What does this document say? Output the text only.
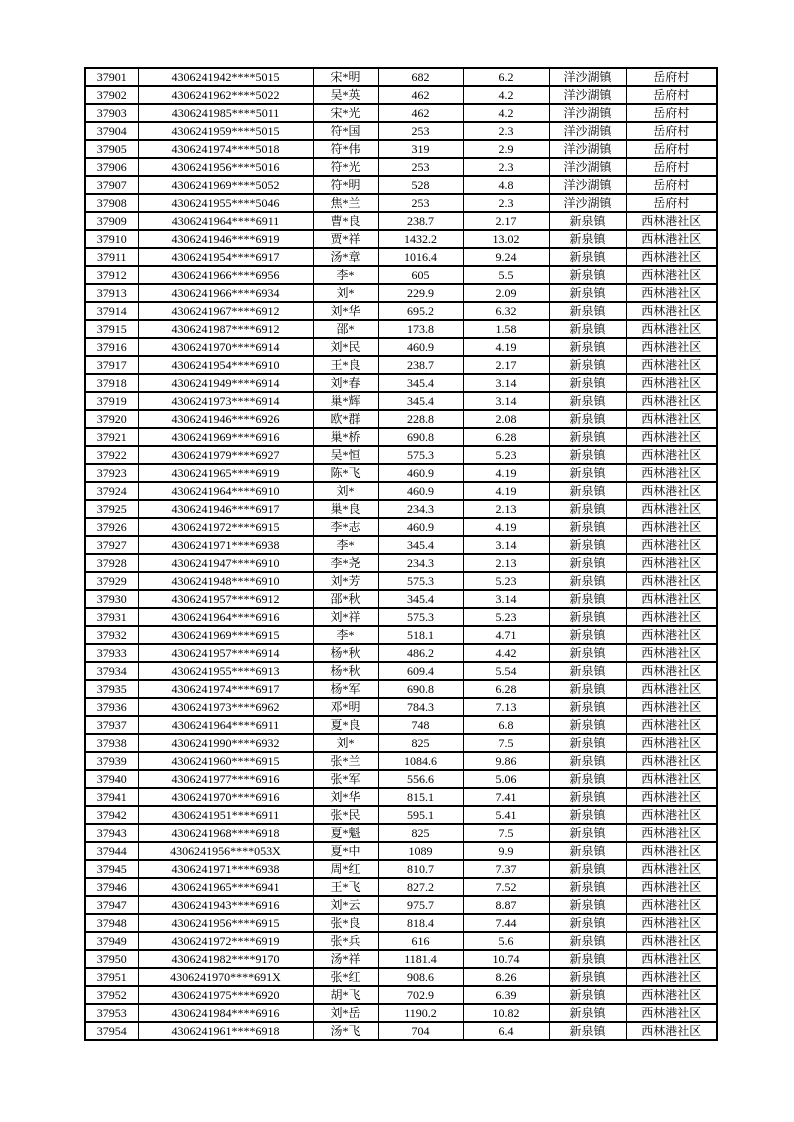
37901	4306241942****5015	宋*明	682	6.2	洋沙湖镇	岳府村
37902	4306241962****5022	吴*英	462	4.2	洋沙湖镇	岳府村
37903	4306241985****5011	宋*光	462	4.2	洋沙湖镇	岳府村
37904	4306241959****5015	符*国	253	2.3	洋沙湖镇	岳府村
37905	4306241974****5018	符*伟	319	2.9	洋沙湖镇	岳府村
37906	4306241956****5016	符*光	253	2.3	洋沙湖镇	岳府村
37907	4306241969****5052	符*明	528	4.8	洋沙湖镇	岳府村
37908	4306241955****5046	焦*兰	253	2.3	洋沙湖镇	岳府村
37909	4306241964****6911	曹*良	238.7	2.17	新泉镇	西林港社区
37910	4306241946****6919	贾*祥	1432.2	13.02	新泉镇	西林港社区
37911	4306241954****6917	汤*章	1016.4	9.24	新泉镇	西林港社区
37912	4306241966****6956	李*	605	5.5	新泉镇	西林港社区
37913	4306241966****6934	刘*	229.9	2.09	新泉镇	西林港社区
37914	4306241967****6912	刘*华	695.2	6.32	新泉镇	西林港社区
37915	4306241987****6912	邵*	173.8	1.58	新泉镇	西林港社区
37916	4306241970****6914	刘*民	460.9	4.19	新泉镇	西林港社区
37917	4306241954****6910	王*良	238.7	2.17	新泉镇	西林港社区
37918	4306241949****6914	刘*春	345.4	3.14	新泉镇	西林港社区
37919	4306241973****6914	巢*辉	345.4	3.14	新泉镇	西林港社区
37920	4306241946****6926	欧*群	228.8	2.08	新泉镇	西林港社区
37921	4306241969****6916	巢*桥	690.8	6.28	新泉镇	西林港社区
37922	4306241979****6927	吴*恒	575.3	5.23	新泉镇	西林港社区
37923	4306241965****6919	陈*飞	460.9	4.19	新泉镇	西林港社区
37924	4306241964****6910	刘*	460.9	4.19	新泉镇	西林港社区
37925	4306241946****6917	巢*良	234.3	2.13	新泉镇	西林港社区
37926	4306241972****6915	李*志	460.9	4.19	新泉镇	西林港社区
37927	4306241971****6938	李*	345.4	3.14	新泉镇	西林港社区
37928	4306241947****6910	李*尧	234.3	2.13	新泉镇	西林港社区
37929	4306241948****6910	刘*芳	575.3	5.23	新泉镇	西林港社区
37930	4306241957****6912	邵*秋	345.4	3.14	新泉镇	西林港社区
37931	4306241964****6916	刘*祥	575.3	5.23	新泉镇	西林港社区
37932	4306241969****6915	李*	518.1	4.71	新泉镇	西林港社区
37933	4306241957****6914	杨*秋	486.2	4.42	新泉镇	西林港社区
37934	4306241955****6913	杨*秋	609.4	5.54	新泉镇	西林港社区
37935	4306241974****6917	杨*军	690.8	6.28	新泉镇	西林港社区
37936	4306241973****6962	邓*明	784.3	7.13	新泉镇	西林港社区
37937	4306241964****6911	夏*良	748	6.8	新泉镇	西林港社区
37938	4306241990****6932	刘*	825	7.5	新泉镇	西林港社区
37939	4306241960****6915	张*兰	1084.6	9.86	新泉镇	西林港社区
37940	4306241977****6916	张*军	556.6	5.06	新泉镇	西林港社区
37941	4306241970****6916	刘*华	815.1	7.41	新泉镇	西林港社区
37942	4306241951****6911	张*民	595.1	5.41	新泉镇	西林港社区
37943	4306241968****6918	夏*魁	825	7.5	新泉镇	西林港社区
37944	4306241956****053X	夏*中	1089	9.9	新泉镇	西林港社区
37945	4306241971****6938	周*红	810.7	7.37	新泉镇	西林港社区
37946	4306241965****6941	王*飞	827.2	7.52	新泉镇	西林港社区
37947	4306241943****6916	刘*云	975.7	8.87	新泉镇	西林港社区
37948	4306241956****6915	张*良	818.4	7.44	新泉镇	西林港社区
37949	4306241972****6919	张*兵	616	5.6	新泉镇	西林港社区
37950	4306241982****9170	汤*祥	1181.4	10.74	新泉镇	西林港社区
37951	4306241970****691X	张*红	908.6	8.26	新泉镇	西林港社区
37952	4306241975****6920	胡*飞	702.9	6.39	新泉镇	西林港社区
37953	4306241984****6916	刘*岳	1190.2	10.82	新泉镇	西林港社区
37954	4306241961****6918	汤*飞	704	6.4	新泉镇	西林港社区
